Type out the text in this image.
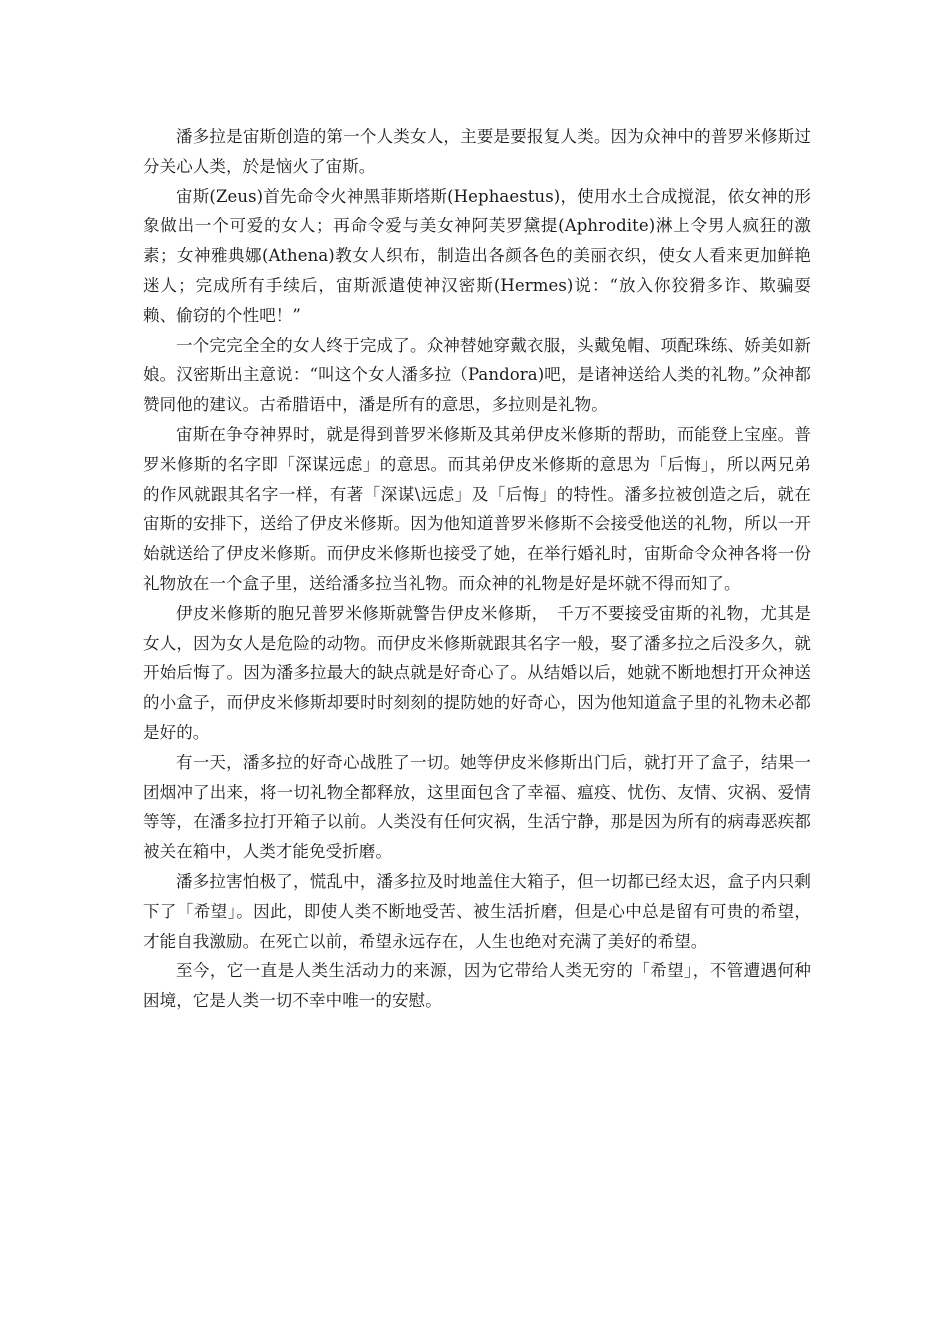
潘多拉是宙斯创造的第一个人类女人，主要是要报复人类。因为众神中的普罗米修斯过分关心人类，於是恼火了宙斯。

宙斯(Zeus)首先命令火神黑菲斯塔斯(Hephaestus)，使用水土合成搅混，依女神的形象做出一个可爱的女人；再命令爱与美女神阿芙罗黛提(Aphrodite)淋上令男人疯狂的激素；女神雅典娜(Athena)教女人织布，制造出各颜各色的美丽衣织，使女人看来更加鲜艳迷人；完成所有手续后，宙斯派遣使神汉密斯(Hermes)说：“放入你狡猾多诈、欺骗耍赖、偷窃的个性吧！”

一个完完全全的女人终于完成了。众神替她穿戴衣服，头戴兔帽、项配珠练、娇美如新娘。汉密斯出主意说：“叫这个女人潘多拉（Pandora)吧，是诸神送给人类的礼物。”众神都赞同他的建议。古希腊语中，潘是所有的意思，多拉则是礼物。

宙斯在争夺神界时，就是得到普罗米修斯及其弟伊皮米修斯的帮助，而能登上宝座。普罗米修斯的名字即「深谋远虑」的意思。而其弟伊皮米修斯的意思为「后悔」，所以两兄弟的作风就跟其名字一样，有著「深谋\远虑」及「后悔」的特性。潘多拉被创造之后，就在宙斯的安排下，送给了伊皮米修斯。因为他知道普罗米修斯不会接受他送的礼物，所以一开始就送给了伊皮米修斯。而伊皮米修斯也接受了她，在举行婚礼时，宙斯命令众神各将一份礼物放在一个盒子里，送给潘多拉当礼物。而众神的礼物是好是坏就不得而知了。

伊皮米修斯的胞兄普罗米修斯就警告伊皮米修斯，　千万不要接受宙斯的礼物，尤其是女人，因为女人是危险的动物。而伊皮米修斯就跟其名字一般，娶了潘多拉之后没多久，就开始后悔了。因为潘多拉最大的缺点就是好奇心了。从结婚以后，她就不断地想打开众神送的小盒子，而伊皮米修斯却要时时刻刻的提防她的好奇心，因为他知道盒子里的礼物未必都是好的。

有一天，潘多拉的好奇心战胜了一切。她等伊皮米修斯出门后，就打开了盒子，结果一团烟冲了出来，将一切礼物全都释放，这里面包含了幸福、瘟疫、忧伤、友情、灾祸、爱情等等，在潘多拉打开箱子以前。人类没有任何灾祸，生活宁静，那是因为所有的病毒恶疾都被关在箱中，人类才能免受折磨。

潘多拉害怕极了，慌乱中，潘多拉及时地盖住大箱子，但一切都已经太迟，盒子内只剩下了「希望」。因此，即使人类不断地受苦、被生活折磨，但是心中总是留有可贵的希望，才能自我激励。在死亡以前，希望永远存在，人生也绝对充满了美好的希望。

至今，它一直是人类生活动力的来源，因为它带给人类无穷的「希望」，不管遭遇何种困境，它是人类一切不幸中唯一的安慰。
